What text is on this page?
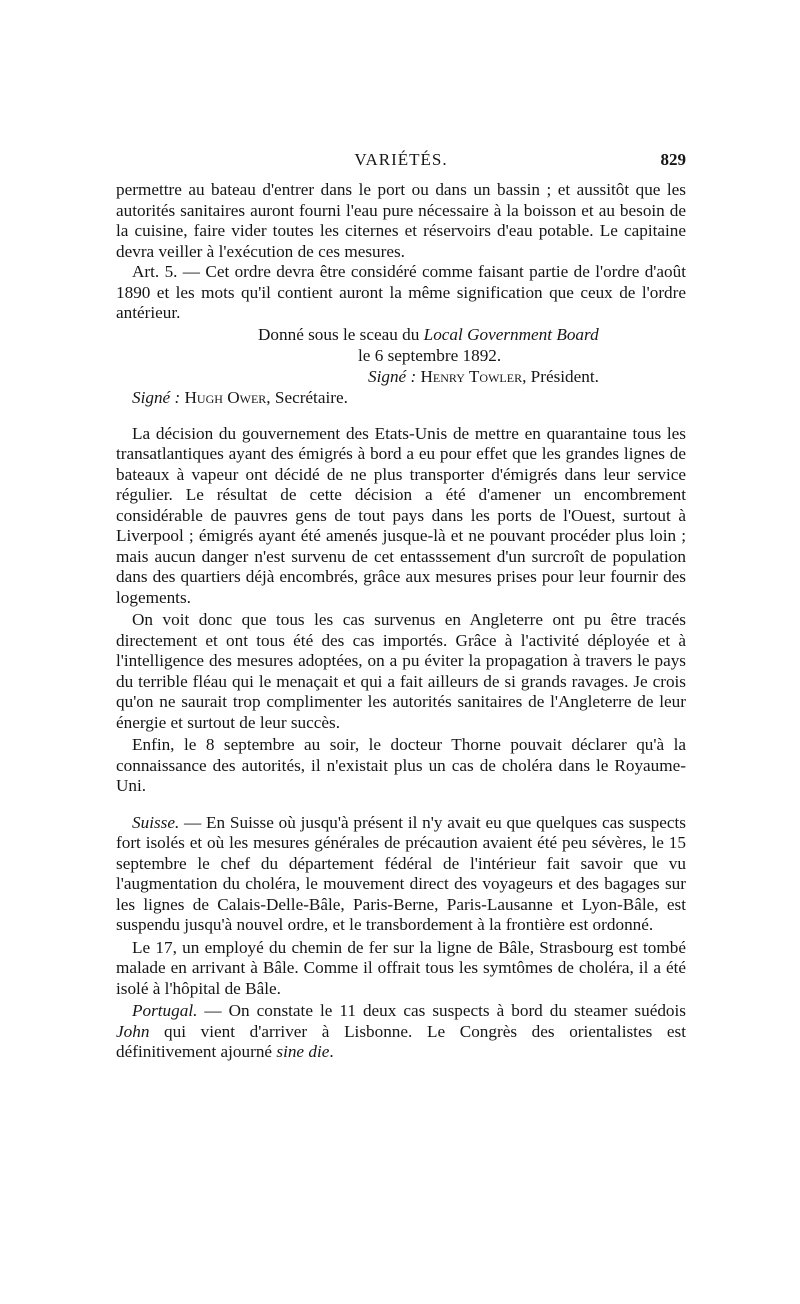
VARIÉTÉS.	829

permettre au bateau d'entrer dans le port ou dans un bassin ; et aussitôt que les autorités sanitaires auront fourni l'eau pure nécessaire à la boisson et au besoin de la cuisine, faire vider toutes les citernes et réservoirs d'eau potable. Le capitaine devra veiller à l'exécution de ces mesures.

Art. 5. — Cet ordre devra être considéré comme faisant partie de l'ordre d'août 1890 et les mots qu'il contient auront la même signification que ceux de l'ordre antérieur.

Donné sous le sceau du Local Government Board
le 6 septembre 1892.
Signé : Henry Towler, Président.
Signé : Hugh Ower, Secrétaire.

La décision du gouvernement des Etats-Unis de mettre en quarantaine tous les transatlantiques ayant des émigrés à bord a eu pour effet que les grandes lignes de bateaux à vapeur ont décidé de ne plus transporter d'émigrés dans leur service régulier. Le résultat de cette décision a été d'amener un encombrement considérable de pauvres gens de tout pays dans les ports de l'Ouest, surtout à Liverpool ; émigrés ayant été amenés jusque-là et ne pouvant procéder plus loin ; mais aucun danger n'est survenu de cet entasssement d'un surcroît de population dans des quartiers déjà encombrés, grâce aux mesures prises pour leur fournir des logements.

On voit donc que tous les cas survenus en Angleterre ont pu être tracés directement et ont tous été des cas importés. Grâce à l'activité déployée et à l'intelligence des mesures adoptées, on a pu éviter la propagation à travers le pays du terrible fléau qui le menaçait et qui a fait ailleurs de si grands ravages. Je crois qu'on ne saurait trop complimenter les autorités sanitaires de l'Angleterre de leur énergie et surtout de leur succès.

Enfin, le 8 septembre au soir, le docteur Thorne pouvait déclarer qu'à la connaissance des autorités, il n'existait plus un cas de choléra dans le Royaume-Uni.

Suisse. — En Suisse où jusqu'à présent il n'y avait eu que quelques cas suspects fort isolés et où les mesures générales de précaution avaient été peu sévères, le 15 septembre le chef du département fédéral de l'intérieur fait savoir que vu l'augmentation du choléra, le mouvement direct des voyageurs et des bagages sur les lignes de Calais-Delle-Bâle, Paris-Berne, Paris-Lausanne et Lyon-Bâle, est suspendu jusqu'à nouvel ordre, et le transbordement à la frontière est ordonné.

Le 17, un employé du chemin de fer sur la ligne de Bâle, Strasbourg est tombé malade en arrivant à Bâle. Comme il offrait tous les symtômes de choléra, il a été isolé à l'hôpital de Bâle.

Portugal. — On constate le 11 deux cas suspects à bord du steamer suédois John qui vient d'arriver à Lisbonne. Le Congrès des orientalistes est définitivement ajourné sine die.
